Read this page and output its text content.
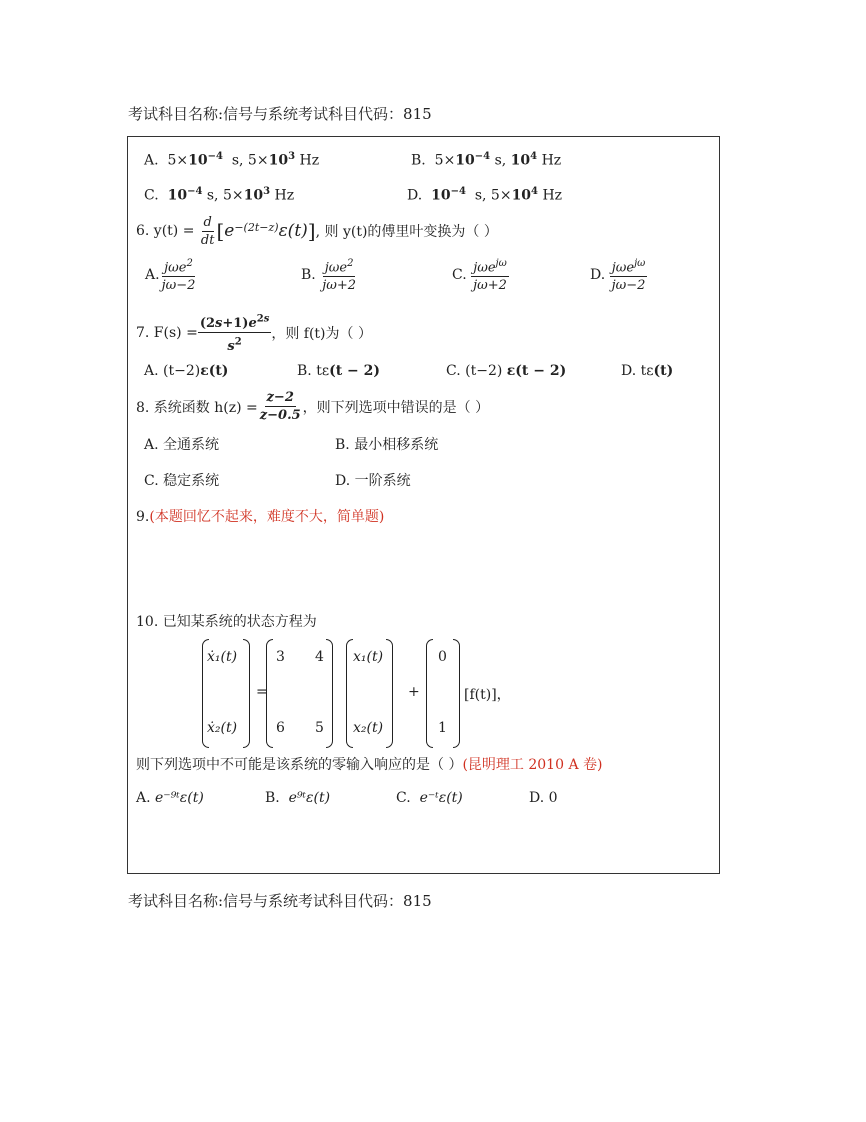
考试科目名称:信号与系统考试科目代码：815
A. $5\times 10^{-4}$ s, $5\times 10^3$ Hz	B. $5\times 10^{-4}$ s, $10^4$ Hz
C. $10^{-4}$ s, $5\times 10^3$ Hz	D. $10^{-4}$ s, $5\times 10^4$ Hz
6. y(t) =
$\frac{d}{dt}$ [ $e^{-(2t-z)}$ ε(t) ] , 则 y(t)的傅里叶变换为（ ）
A. $\frac{j\omega e^2}{j\omega-2}$	B.
$\frac{j\omega e^2}{j\omega+2}$	C.
$\frac{j\omega e^{j\omega}}{j\omega+2}$	D.
$\frac{j\omega e^{j\omega}}{j\omega-2}$
7. $F(s) = \frac{(2s+1)e^{2s}}{s^2}$ ，则 f(t)为（ ）
A. (t−2)ε(t)	B. tε(t − 2)	C. (t−2) ε(t − 2)	D. tε(t)
8. 系统函数 $h(z) = \frac{z-2}{z-0.5}$ ，则下列选项中错误的是（ ）
A. 全通系统	B. 最小相移系统
C. 稳定系统	D. 一阶系统
9.(本题回忆不起来，难度不大，简单题)
10. 已知某系统的状态方程为
ẋ₁(t)
ẋ₂(t)
=
3 4
6 5
x₁(t)
x₂(t)
+
0
1
[f(t)]，
则下列选项中不可能是该系统的零输入响应的是（ ）(昆明理工 2010 A 卷)
A. e⁻⁹ᵗε(t)	B. e⁹ᵗε(t)	C. e⁻ᵗε(t)	D. 0
考试科目名称:信号与系统考试科目代码：815
